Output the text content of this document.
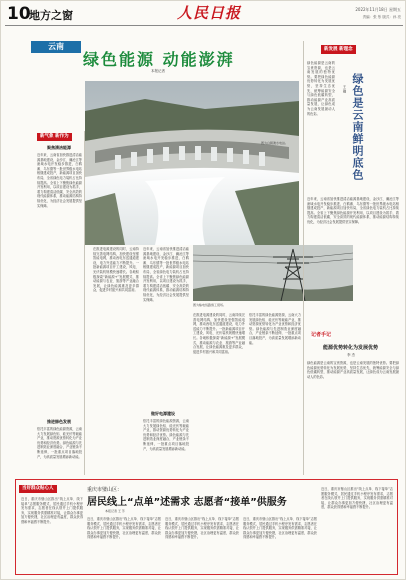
10
地方之窗	人民日报	2022年11月18日 星期五
责编：张 彤 版式：孙 亮
云南
绿色能源 动能澎湃
本报记者
新气象 新作为
聚焦清洁能源
近年来，云南省加快推进清洁能源基地建设，金沙江、澜沧江等流域水电开发稳步推进，白鹤滩、乌东德等一批世界级水电站相继建成投产，新能源项目加快布局，全省绿色电力装机占比持续提高。全省上下聚焦绿色能源开发利用，以项目建设为抓手，着力构建清洁低碳、安全高效的现代能源体系，推动能源结构持续优化，为经济社会发展提供坚实保障。
推进绿色发展
依托丰富的绿色能源资源，云南大力发展绿色铝、硅光伏等载能产业，推动资源优势转化为产业优势和经济优势。绿色能源与先进制造业深度融合，产业链条不断延伸，一批重点项目落地投产，为高质量发展增添新动能。
图为白鹤滩水电站。
在推进电源建设的同时，云南持续完善电网结构，加快建设坚强智能电网，推动西电东送通道建设，电力外送能力不断提升。一批新能源项目开工建设，风电、光伏装机规模快速增长。各地积极探索“新能源+”发展模式，推动能源与农业、旅游等产业融合发展，让绿色能源惠及更多群众，促进乡村振兴和共同富裕。
近年来，云南省加快推进清洁能源基地建设，金沙江、澜沧江等流域水电开发稳步推进，白鹤滩、乌东德等一批世界级水电站相继建成投产，新能源项目加快布局，全省绿色电力装机占比持续提高。全省上下聚焦绿色能源开发利用，以项目建设为抓手，着力构建清洁低碳、安全高效的现代能源体系，推动能源结构持续优化，为经济社会发展提供坚实保障。
做好电源建设
依托丰富的绿色能源资源，云南大力发展绿色铝、硅光伏等载能产业，推动资源优势转化为产业优势和经济优势。绿色能源与先进制造业深度融合，产业链条不断延伸，一批重点项目落地投产，为高质量发展增添新动能。
图为输电线路施工现场。
在推进电源建设的同时，云南持续完善电网结构，加快建设坚强智能电网，推动西电东送通道建设，电力外送能力不断提升。一批新能源项目开工建设，风电、光伏装机规模快速增长。各地积极探索“新能源+”发展模式，推动能源与农业、旅游等产业融合发展，让绿色能源惠及更多群众，促进乡村振兴和共同富裕。
依托丰富的绿色能源资源，云南大力发展绿色铝、硅光伏等载能产业，推动资源优势转化为产业优势和经济优势。绿色能源与先进制造业深度融合，产业链条不断延伸，一批重点项目落地投产，为高质量发展增添新动能。
新发展 新理念
绿色是云南鲜明底色
王 刚
绿色能源是云南的宝贵资源，也是云南发展的独特优势。要把绿色能源优势转化为发展优势，坚持生态优先，统筹能源安全与绿色低碳转型，推动能源产业高质量发展，让绿色成为云南发展最动人的色彩。
近年来，云南省加快推进清洁能源基地建设，金沙江、澜沧江等流域水电开发稳步推进，白鹤滩、乌东德等一批世界级水电站相继建成投产，新能源项目加快布局，全省绿色电力装机占比持续提高。全省上下聚焦绿色能源开发利用，以项目建设为抓手，着力构建清洁低碳、安全高效的现代能源体系，推动能源结构持续优化，为经济社会发展提供坚实保障。
记者手记
能源优势转化为发展优势
李 杰
绿色能源是云南的宝贵资源，也是云南发展的独特优势。要把绿色能源优势转化为发展优势，坚持生态优先，统筹能源安全与绿色低碳转型，推动能源产业高质量发展，让绿色成为云南发展最动人的色彩。
当好群众贴心人	重庆市璧山区：
居民线上“点单”述需求 志愿者“接单”供服务
本报记者 王 芳
近日，重庆市璧山区推出“线上点单、线下接单”志愿服务模式，居民通过手机小程序发布需求，志愿者在线认领并上门提供服务，实现服务供需精准对接，让群众办事更加方便快捷，社区治理更有温度，群众获得感和幸福感不断提升。
近日，重庆市璧山区推出“线上点单、线下接单”志愿服务模式，居民通过手机小程序发布需求，志愿者在线认领并上门提供服务，实现服务供需精准对接，让群众办事更加方便快捷，社区治理更有温度，群众获得感和幸福感不断提升。
近日，重庆市璧山区推出“线上点单、线下接单”志愿服务模式，居民通过手机小程序发布需求，志愿者在线认领并上门提供服务，实现服务供需精准对接，让群众办事更加方便快捷，社区治理更有温度，群众获得感和幸福感不断提升。
近日，重庆市璧山区推出“线上点单、线下接单”志愿服务模式，居民通过手机小程序发布需求，志愿者在线认领并上门提供服务，实现服务供需精准对接，让群众办事更加方便快捷，社区治理更有温度，群众获得感和幸福感不断提升。
近日，重庆市璧山区推出“线上点单、线下接单”志愿服务模式，居民通过手机小程序发布需求，志愿者在线认领并上门提供服务，实现服务供需精准对接，让群众办事更加方便快捷，社区治理更有温度，群众获得感和幸福感不断提升。
